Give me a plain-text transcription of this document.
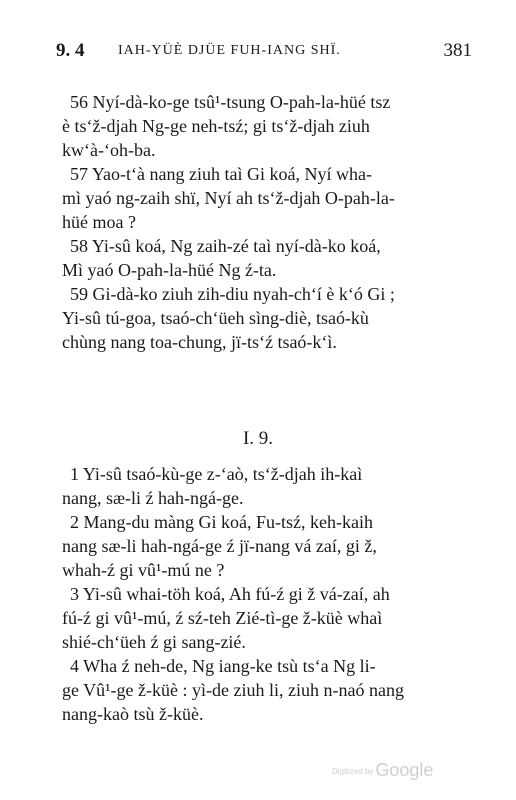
9. 4 IAH-YÜÈ DJÜE FUH-IANG SHÏ.	381
56 Nyí-dà-ko-ge tsû¹-tsung O-pah-la-hüé tsz
è ts‘ž-djah Ng-ge neh-tsź; gi ts‘ž-djah ziuh
kw‘à-‘oh-ba.
57 Yao-t‘à nang ziuh taì Gi koá, Nyí wha-
mì yaó ng-zaih shï, Nyí ah ts‘ž-djah O-pah-la-
hüé moa ?
58 Yi-sû koá, Ng zaih-zé taì nyí-dà-ko koá,
Mì yaó O-pah-la-hüé Ng ź-ta.
59 Gi-dà-ko ziuh zih-diu nyah-ch‘í è k‘ó Gi ;
Yi-sû tú-goa, tsaó-ch‘üeh sìng-diè, tsaó-kù
chùng nang toa-chung, jï-ts‘ź tsaó-k‘ì.
I. 9.
1 Yi-sû tsaó-kù-ge z-‘aò, ts‘ž-djah ih-kaì
nang, sæ-li ź hah-ngá-ge.
2 Mang-du màng Gi koá, Fu-tsź, keh-kaih
nang sæ-li hah-ngá-ge ź jï-nang vá zaí, gi ž,
whah-ź gi vû¹-mú ne ?
3 Yi-sû whai-töh koá, Ah fú-ź gi ž vá-zaí, ah
fú-ź gi vû¹-mú, ź sź-teh Zié-tì-ge ž-küè whaì
shié-ch‘üeh ź gi sang-zié.
4 Wha ź neh-de, Ng iang-ke tsù ts‘a Ng li-
ge Vû¹-ge ž-küè : yì-de ziuh li, ziuh n-naó nang
nang-kaò tsù ž-küè.
Digitized by Google
